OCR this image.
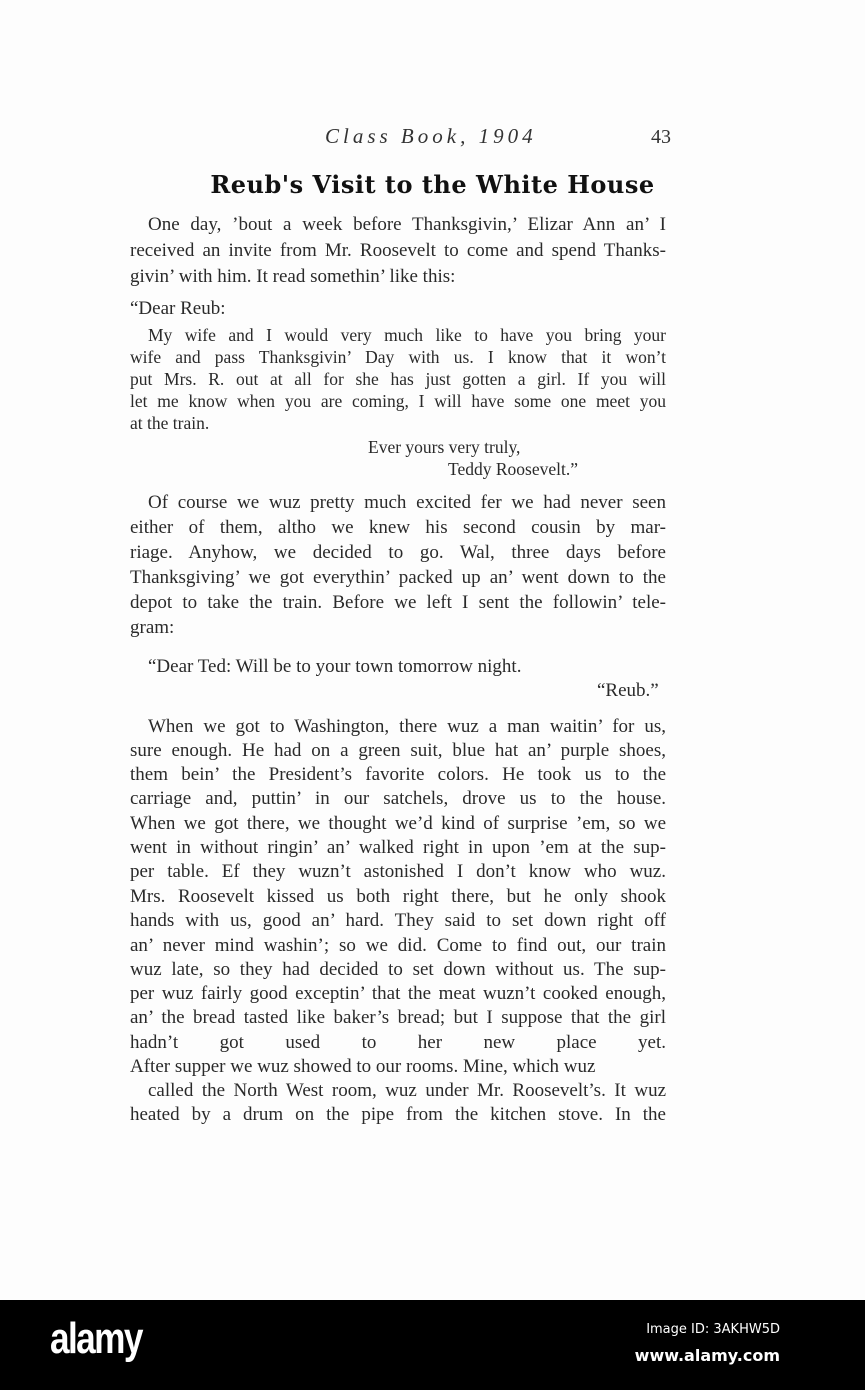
Class Book, 1904	43
Reub's Visit to the White House
One day, ’bout a week before Thanksgivin,’ Elizar Ann an’ I
received an invite from Mr. Roosevelt to come and spend Thanks-
givin’ with him. It read somethin’ like this:
“Dear Reub:
My wife and I would very much like to have you bring your
wife and pass Thanksgivin’ Day with us. I know that it won’t
put Mrs. R. out at all for she has just gotten a girl. If you will
let me know when you are coming, I will have some one meet you
at the train.
Ever yours very truly,
Teddy Roosevelt.”
Of course we wuz pretty much excited fer we had never seen
either of them, altho we knew his second cousin by mar-
riage. Anyhow, we decided to go. Wal, three days before
Thanksgiving’ we got everythin’ packed up an’ went down to the
depot to take the train. Before we left I sent the followin’ tele-
gram:
“Dear Ted: Will be to your town tomorrow night.
“Reub.”
When we got to Washington, there wuz a man waitin’ for us,
sure enough. He had on a green suit, blue hat an’ purple shoes,
them bein’ the President’s favorite colors. He took us to the
carriage and, puttin’ in our satchels, drove us to the house.
When we got there, we thought we’d kind of surprise ’em, so we
went in without ringin’ an’ walked right in upon ’em at the sup-
per table. Ef they wuzn’t astonished I don’t know who wuz.
Mrs. Roosevelt kissed us both right there, but he only shook
hands with us, good an’ hard. They said to set down right off
an’ never mind washin’; so we did. Come to find out, our train
wuz late, so they had decided to set down without us. The sup-
per wuz fairly good exceptin’ that the meat wuzn’t cooked enough,
an’ the bread tasted like baker’s bread; but I suppose that the girl
hadn’t got used to her new place yet.
After supper we wuz showed to our rooms. Mine, which wuz
called the North West room, wuz under Mr. Roosevelt’s. It wuz
heated by a drum on the pipe from the kitchen stove. In the
alamy	Image ID: 3AKHW5D
www.alamy.com
